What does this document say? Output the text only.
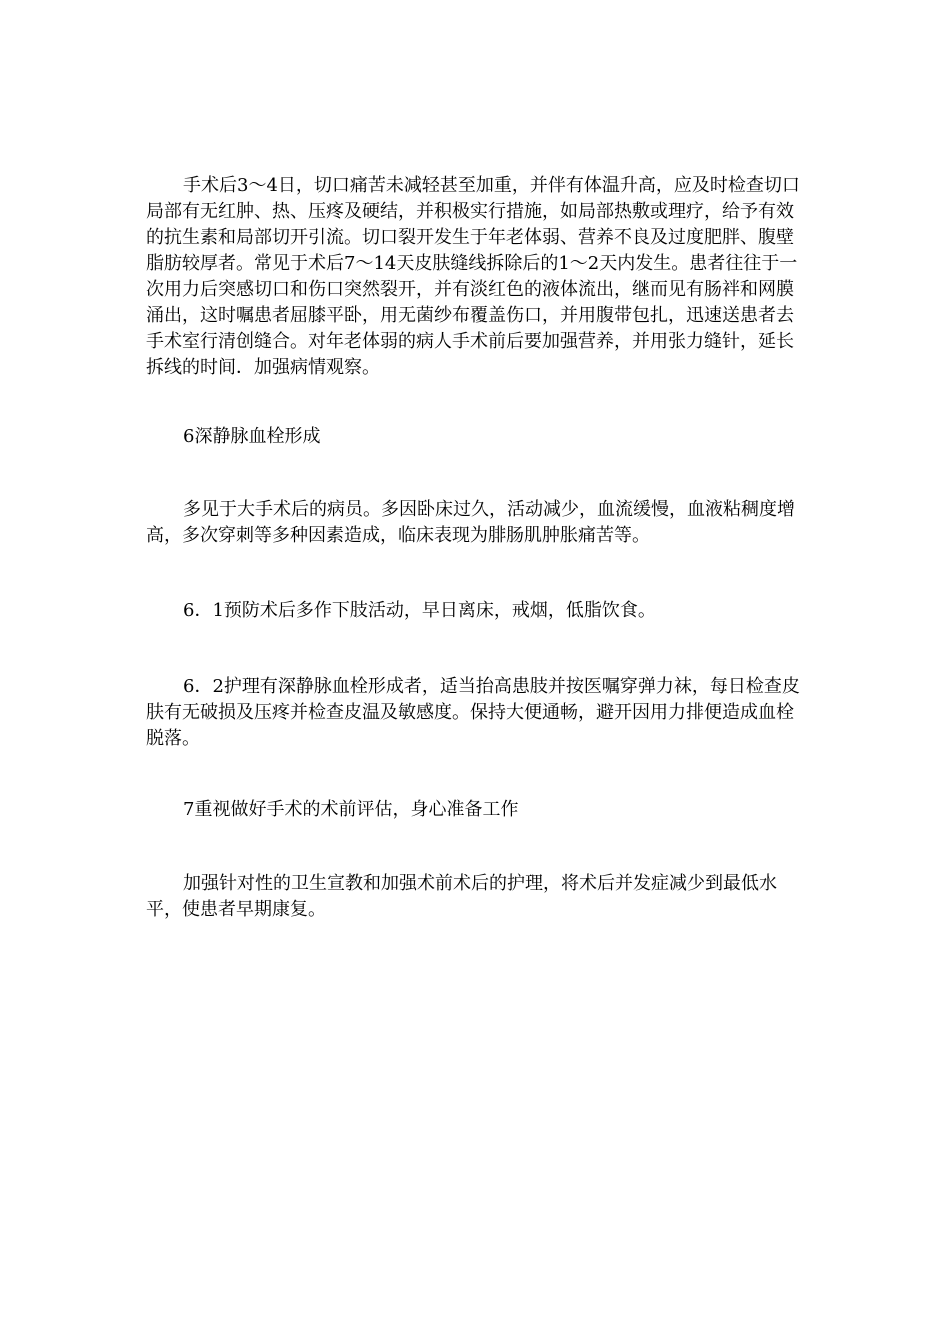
手术后3～4日，切口痛苦未减轻甚至加重，并伴有体温升高，应及时检查切口局部有无红肿、热、压疼及硬结，并积极实行措施，如局部热敷或理疗，给予有效的抗生素和局部切开引流。切口裂开发生于年老体弱、营养不良及过度肥胖、腹壁脂肪较厚者。常见于术后7～14天皮肤缝线拆除后的1～2天内发生。患者往往于一次用力后突感切口和伤口突然裂开，并有淡红色的液体流出，继而见有肠袢和网膜涌出，这时嘱患者屈膝平卧，用无菌纱布覆盖伤口，并用腹带包扎，迅速送患者去手术室行清创缝合。对年老体弱的病人手术前后要加强营养，并用张力缝针，延长拆线的时间．加强病情观察。

6深静脉血栓形成

多见于大手术后的病员。多因卧床过久，活动减少，血流缓慢，血液粘稠度增高，多次穿刺等多种因素造成，临床表现为腓肠肌肿胀痛苦等。

6．1预防术后多作下肢活动，早日离床，戒烟，低脂饮食。

6．2护理有深静脉血栓形成者，适当抬高患肢并按医嘱穿弹力袜，每日检查皮肤有无破损及压疼并检查皮温及敏感度。保持大便通畅，避开因用力排便造成血栓脱落。

7重视做好手术的术前评估，身心准备工作

加强针对性的卫生宣教和加强术前术后的护理，将术后并发症减少到最低水平，使患者早期康复。
